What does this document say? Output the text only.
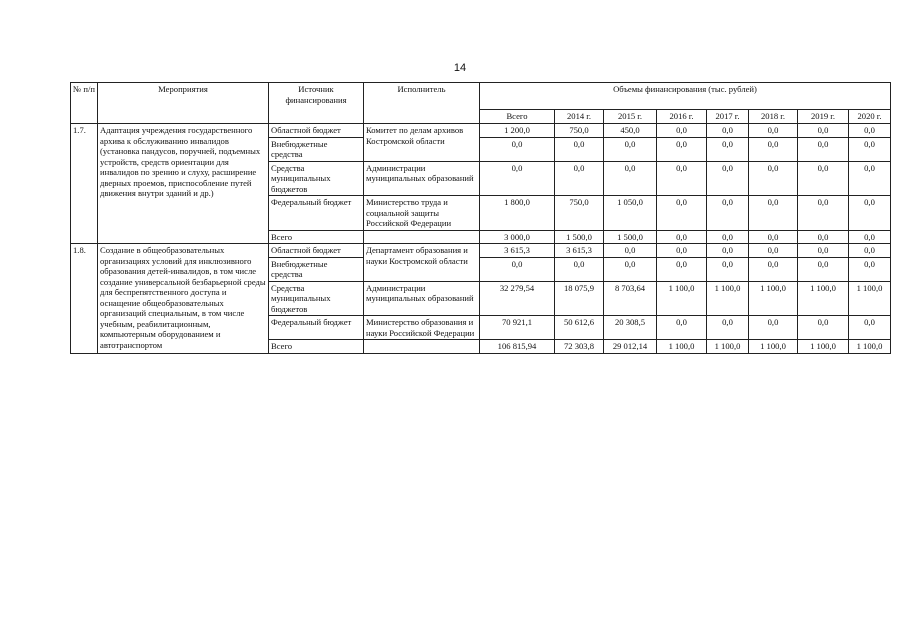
14
№ п/п	Мероприятия	Источник финансирования	Исполнитель	Объемы финансирования (тыс. рублей)							
				Всего	2014 г.	2015 г.	2016 г.	2017 г.	2018 г.	2019 г.	2020 г.
1.7.	Адаптация учреждения государственного архива к обслуживанию инвалидов (установка пандусов, поручней, подъемных устройств, средств ориентации для инвалидов по зрению и слуху, расширение дверных проемов, приспособление путей движения внутри зданий и др.)	Областной бюджет	Комитет по делам архивов Костромской области	1 200,0	750,0	450,0	0,0	0,0	0,0	0,0	0,0
		Внебюджетные средства		0,0	0,0	0,0	0,0	0,0	0,0	0,0	0,0
		Средства муниципальных бюджетов	Администрации муниципальных образований	0,0	0,0	0,0	0,0	0,0	0,0	0,0	0,0
		Федеральный бюджет	Министерство труда и социальной защиты Российской Федерации	1 800,0	750,0	1 050,0	0,0	0,0	0,0	0,0	0,0
		Всего		3 000,0	1 500,0	1 500,0	0,0	0,0	0,0	0,0	0,0
1.8.	Создание в общеобразовательных организациях условий для инклюзивного образования детей-инвалидов, в том числе создание универсальной безбарьерной среды для беспрепятственного доступа и оснащение общеобразовательных организаций специальным, в том числе учебным, реабилитационным, компьютерным оборудованием и автотранспортом	Областной бюджет	Департамент образования и науки Костромской области	3 615,3	3 615,3	0,0	0,0	0,0	0,0	0,0	0,0
		Внебюджетные средства		0,0	0,0	0,0	0,0	0,0	0,0	0,0	0,0
		Средства муниципальных бюджетов	Администрации муниципальных образований	32 279,54	18 075,9	8 703,64	1 100,0	1 100,0	1 100,0	1 100,0	1 100,0
		Федеральный бюджет	Министерство образования и науки Российской Федерации	70 921,1	50 612,6	20 308,5	0,0	0,0	0,0	0,0	0,0
		Всего		106 815,94	72 303,8	29 012,14	1 100,0	1 100,0	1 100,0	1 100,0	1 100,0
